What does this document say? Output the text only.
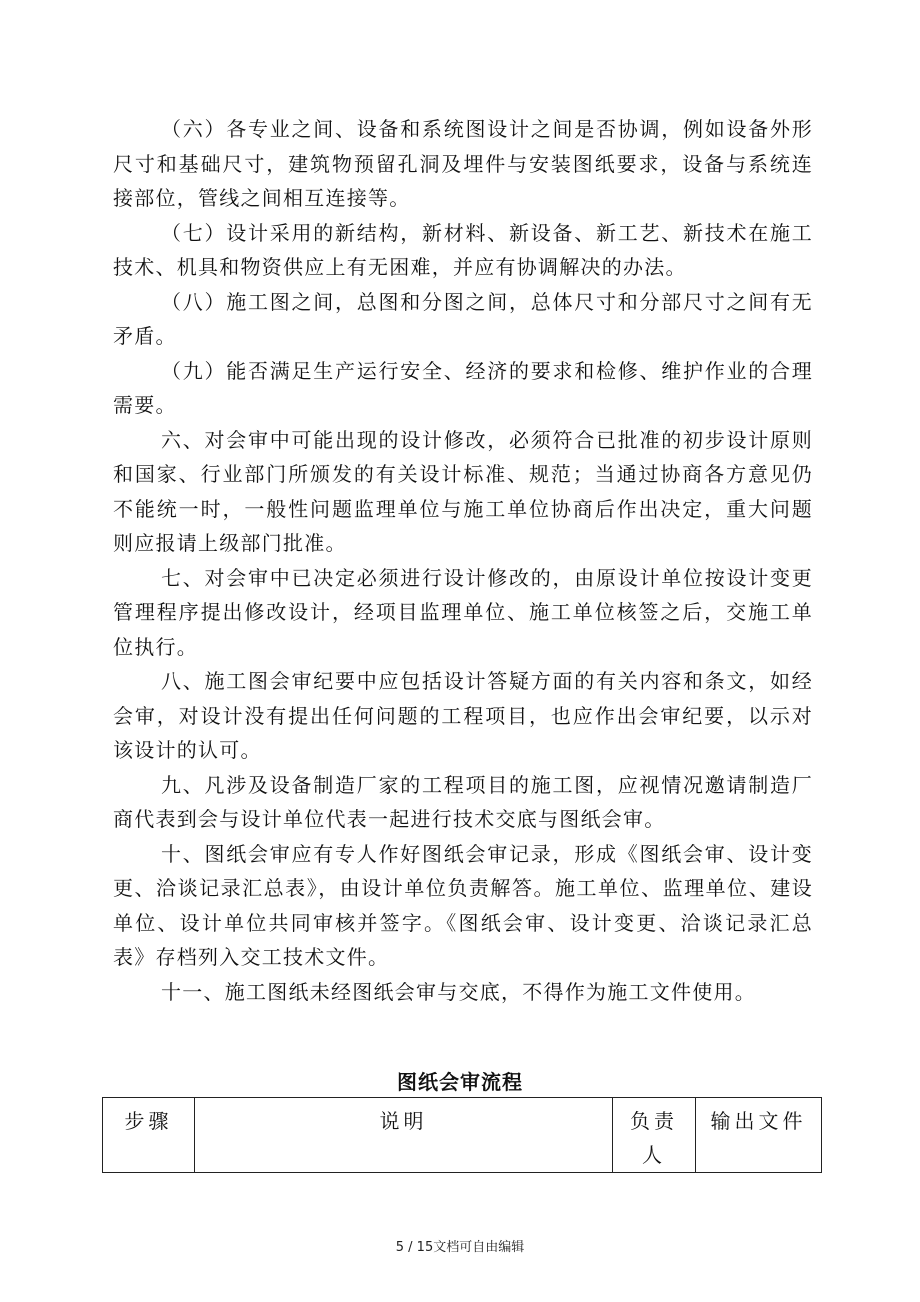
（六）各专业之间、设备和系统图设计之间是否协调，例如设备外形尺寸和基础尺寸，建筑物预留孔洞及埋件与安装图纸要求，设备与系统连接部位，管线之间相互连接等。

（七）设计采用的新结构，新材料、新设备、新工艺、新技术在施工技术、机具和物资供应上有无困难，并应有协调解决的办法。

（八）施工图之间，总图和分图之间，总体尺寸和分部尺寸之间有无矛盾。

（九）能否满足生产运行安全、经济的要求和检修、维护作业的合理需要。

六、对会审中可能出现的设计修改，必须符合已批准的初步设计原则和国家、行业部门所颁发的有关设计标准、规范；当通过协商各方意见仍不能统一时，一般性问题监理单位与施工单位协商后作出决定，重大问题则应报请上级部门批准。

七、对会审中已决定必须进行设计修改的，由原设计单位按设计变更管理程序提出修改设计，经项目监理单位、施工单位核签之后，交施工单位执行。

八、施工图会审纪要中应包括设计答疑方面的有关内容和条文，如经会审，对设计没有提出任何问题的工程项目，也应作出会审纪要，以示对该设计的认可。

九、凡涉及设备制造厂家的工程项目的施工图，应视情况邀请制造厂商代表到会与设计单位代表一起进行技术交底与图纸会审。

十、图纸会审应有专人作好图纸会审记录，形成《图纸会审、设计变更、洽谈记录汇总表》，由设计单位负责解答。施工单位、监理单位、建设单位、设计单位共同审核并签字。《图纸会审、设计变更、洽谈记录汇总表》存档列入交工技术文件。

十一、施工图纸未经图纸会审与交底，不得作为施工文件使用。

图纸会审流程
步骤	说明	负责人	输出文件
5 / 15文档可自由编辑
